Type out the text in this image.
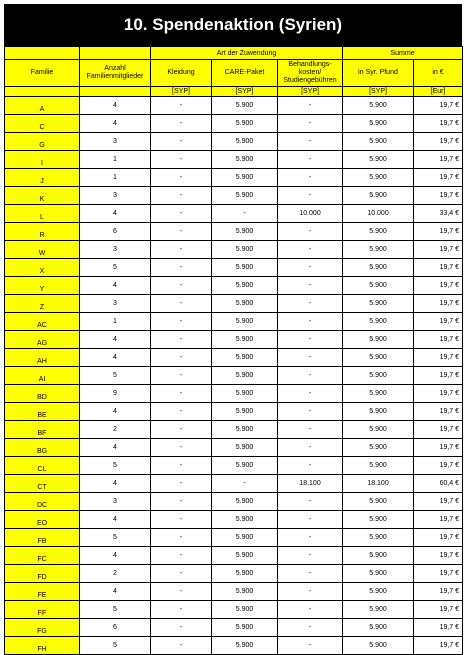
10. Spendenaktion (Syrien)
		Art der Zuwendung			Summe	
Familie	Anzahl Familienmitglieder	Kleidung	CARE-Paket	Behandlungs-kosten/ Studiengebühren	in Syr. Pfund	in €
		[SYP]	[SYP]	[SYP]	[SYP]	[Eur]
A	4	-	5.900	-	5.900	19,7 €
C	4	-	5.900	-	5.900	19,7 €
G	3	-	5.900	-	5.900	19,7 €
I	1	-	5.900	-	5.900	19,7 €
J	1	-	5.900	-	5.900	19,7 €
K	3	-	5.900	-	5.900	19,7 €
L	4	-	-	10.000	10.000	33,4 €
R	6	-	5.900	-	5.900	19,7 €
W	3	-	5.900	-	5.900	19,7 €
X	5	-	5.900	-	5.900	19,7 €
Y	4	-	5.900	-	5.900	19,7 €
Z	3	-	5.900	-	5.900	19,7 €
AC	1	-	5.900	-	5.900	19,7 €
AG	4	-	5.900	-	5.900	19,7 €
AH	4	-	5.900	-	5.900	19,7 €
AI	5	-	5.900	-	5.900	19,7 €
BD	9	-	5.900	-	5.900	19,7 €
BE	4	-	5.900	-	5.900	19,7 €
BF	2	-	5.900	-	5.900	19,7 €
BG	4	-	5.900	-	5.900	19,7 €
CL	5	-	5.900	-	5.900	19,7 €
CT	4	-	-	18.100	18.100	60,4 €
DC	3	-	5.900	-	5.900	19,7 €
EO	4	-	5.900	-	5.900	19,7 €
FB	5	-	5.900	-	5.900	19,7 €
FC	4	-	5.900	-	5.900	19,7 €
FD	2	-	5.900	-	5.900	19,7 €
FE	4	-	5.900	-	5.900	19,7 €
FF	5	-	5.900	-	5.900	19,7 €
FG	6	-	5.900	-	5.900	19,7 €
FH	5	-	5.900	-	5.900	19,7 €
